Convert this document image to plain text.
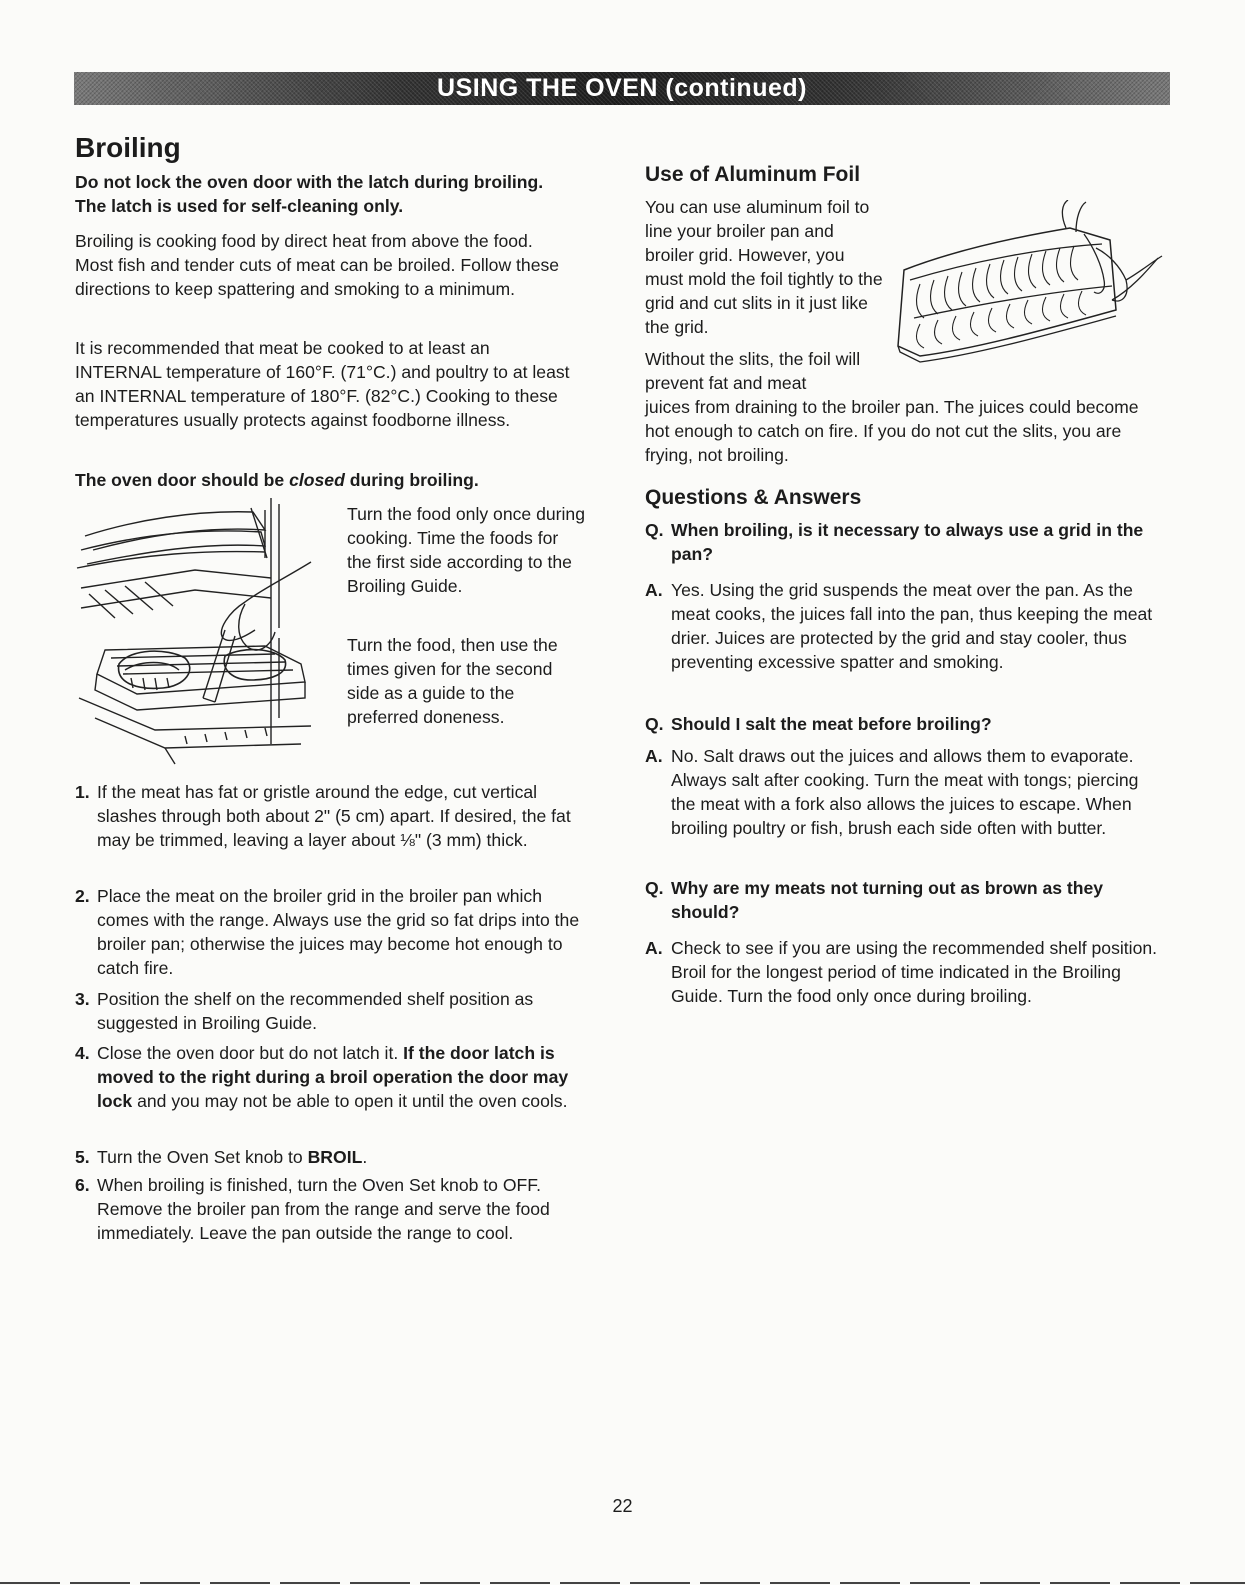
USING THE OVEN (continued)
Broiling

Do not lock the oven door with the latch during broiling. The latch is used for self-cleaning only.

Broiling is cooking food by direct heat from above the food. Most fish and tender cuts of meat can be broiled. Follow these directions to keep spattering and smoking to a minimum.

It is recommended that meat be cooked to at least an INTERNAL temperature of 160°F. (71°C.) and poultry to at least an INTERNAL temperature of 180°F. (82°C.) Cooking to these temperatures usually protects against foodborne illness.

The oven door should be closed during broiling.

Turn the food only once during cooking. Time the foods for the first side according to the Broiling Guide.

Turn the food, then use the times given for the second side as a guide to the preferred doneness.

1. If the meat has fat or gristle around the edge, cut vertical slashes through both about 2" (5 cm) apart. If desired, the fat may be trimmed, leaving a layer about ⅛" (3 mm) thick.
2. Place the meat on the broiler grid in the broiler pan which comes with the range. Always use the grid so fat drips into the broiler pan; otherwise the juices may become hot enough to catch fire.
3. Position the shelf on the recommended shelf position as suggested in Broiling Guide.
4. Close the oven door but do not latch it. If the door latch is moved to the right during a broil operation the door may lock and you may not be able to open it until the oven cools.
5. Turn the Oven Set knob to BROIL.
6. When broiling is finished, turn the Oven Set knob to OFF. Remove the broiler pan from the range and serve the food immediately. Leave the pan outside the range to cool.
Use of Aluminum Foil

You can use aluminum foil to line your broiler pan and broiler grid. However, you must mold the foil tightly to the grid and cut slits in it just like the grid.

Without the slits, the foil will prevent fat and meat

juices from draining to the broiler pan. The juices could become hot enough to catch on fire. If you do not cut the slits, you are frying, not broiling.

Questions & Answers
Q. When broiling, is it necessary to always use a grid in the pan?
A. Yes. Using the grid suspends the meat over the pan. As the meat cooks, the juices fall into the pan, thus keeping the meat drier. Juices are protected by the grid and stay cooler, thus preventing excessive spatter and smoking.
Q. Should I salt the meat before broiling?
A. No. Salt draws out the juices and allows them to evaporate. Always salt after cooking. Turn the meat with tongs; piercing the meat with a fork also allows the juices to escape. When broiling poultry or fish, brush each side often with butter.
Q. Why are my meats not turning out as brown as they should?
A. Check to see if you are using the recommended shelf position. Broil for the longest period of time indicated in the Broiling Guide. Turn the food only once during broiling.
22
